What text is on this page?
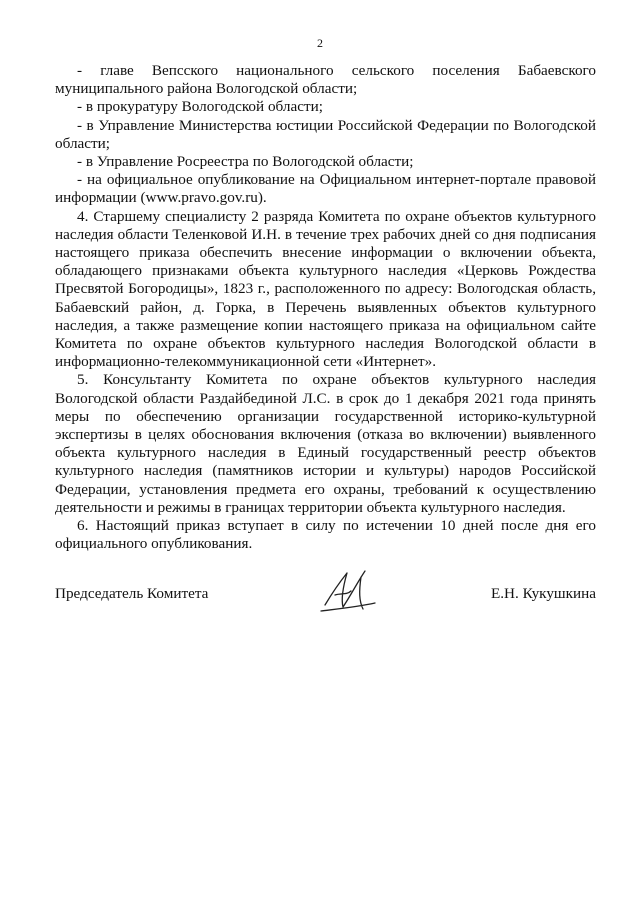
2

- главе Вепсского национального сельского поселения Бабаевского муниципального района Вологодской области;

- в прокуратуру Вологодской области;

- в Управление Министерства юстиции Российской Федерации по Вологодской области;

- в Управление Росреестра по Вологодской области;

- на официальное опубликование на Официальном интернет-портале правовой информации (www.pravo.gov.ru).

4. Старшему специалисту 2 разряда Комитета по охране объектов культурного наследия области Теленковой И.Н. в течение трех рабочих дней со дня подписания настоящего приказа обеспечить внесение информации о включении объекта, обладающего признаками объекта культурного наследия «Церковь Рождества Пресвятой Богородицы», 1823 г., расположенного по адресу: Вологодская область, Бабаевский район, д. Горка, в Перечень выявленных объектов культурного наследия, а также размещение копии настоящего приказа на официальном сайте Комитета по охране объектов культурного наследия Вологодской области в информационно-телекоммуникационной сети «Интернет».

5. Консультанту Комитета по охране объектов культурного наследия Вологодской области Раздайбединой Л.С. в срок до 1 декабря 2021 года принять меры по обеспечению организации государственной историко-культурной экспертизы в целях обоснования включения (отказа во включении) выявленного объекта культурного наследия в Единый государственный реестр объектов культурного наследия (памятников истории и культуры) народов Российской Федерации, установления предмета его охраны, требований к осуществлению деятельности и режимы в границах территории объекта культурного наследия.

6. Настоящий приказ вступает в силу по истечении 10 дней после дня его официального опубликования.

Председатель Комитета	Е.Н. Кукушкина
